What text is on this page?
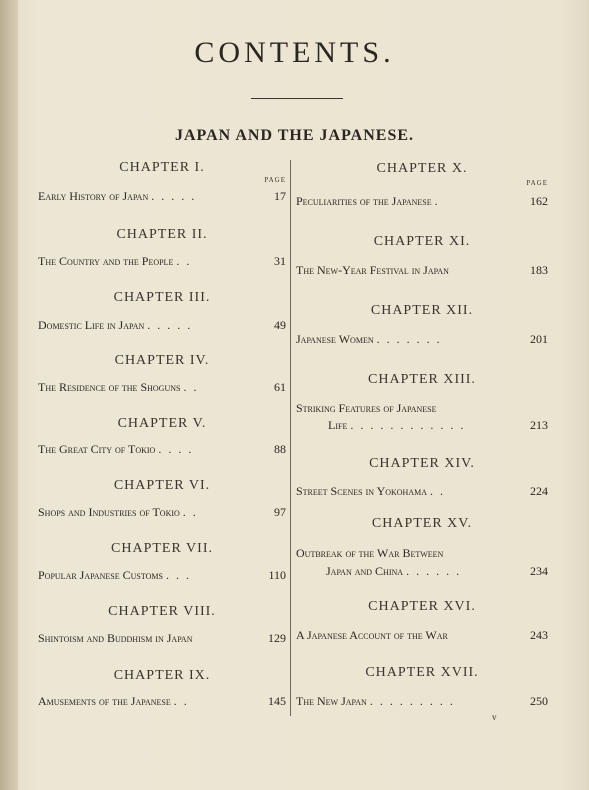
CONTENTS.
JAPAN AND THE JAPANESE.
CHAPTER I.
PAGE
Early History of Japan . . . . .	17
CHAPTER II.
The Country and the People . .	31
CHAPTER III.
Domestic Life in Japan . . . . .	49
CHAPTER IV.
The Residence of the Shoguns . .	61
CHAPTER V.
The Great City of Tokio . . . .	88
CHAPTER VI.
Shops and Industries of Tokio . .	97
CHAPTER VII.
Popular Japanese Customs . . .	110
CHAPTER VIII.
Shintoism and Buddhism in Japan	129
CHAPTER IX.
Amusements of the Japanese . .	145
CHAPTER X.
PAGE
Peculiarities of the Japanese .	162
CHAPTER XI.
The New-Year Festival in Japan	183
CHAPTER XII.
Japanese Women . . . . . . .	201
CHAPTER XIII.
Striking Features of Japanese
Life . . . . . . . . . . . .	213
CHAPTER XIV.
Street Scenes in Yokohama . .	224
CHAPTER XV.
Outbreak of the War Between
Japan and China . . . . . .	234
CHAPTER XVI.
A Japanese Account of the War	243
CHAPTER XVII.
The New Japan . . . . . . . . .	250
v
